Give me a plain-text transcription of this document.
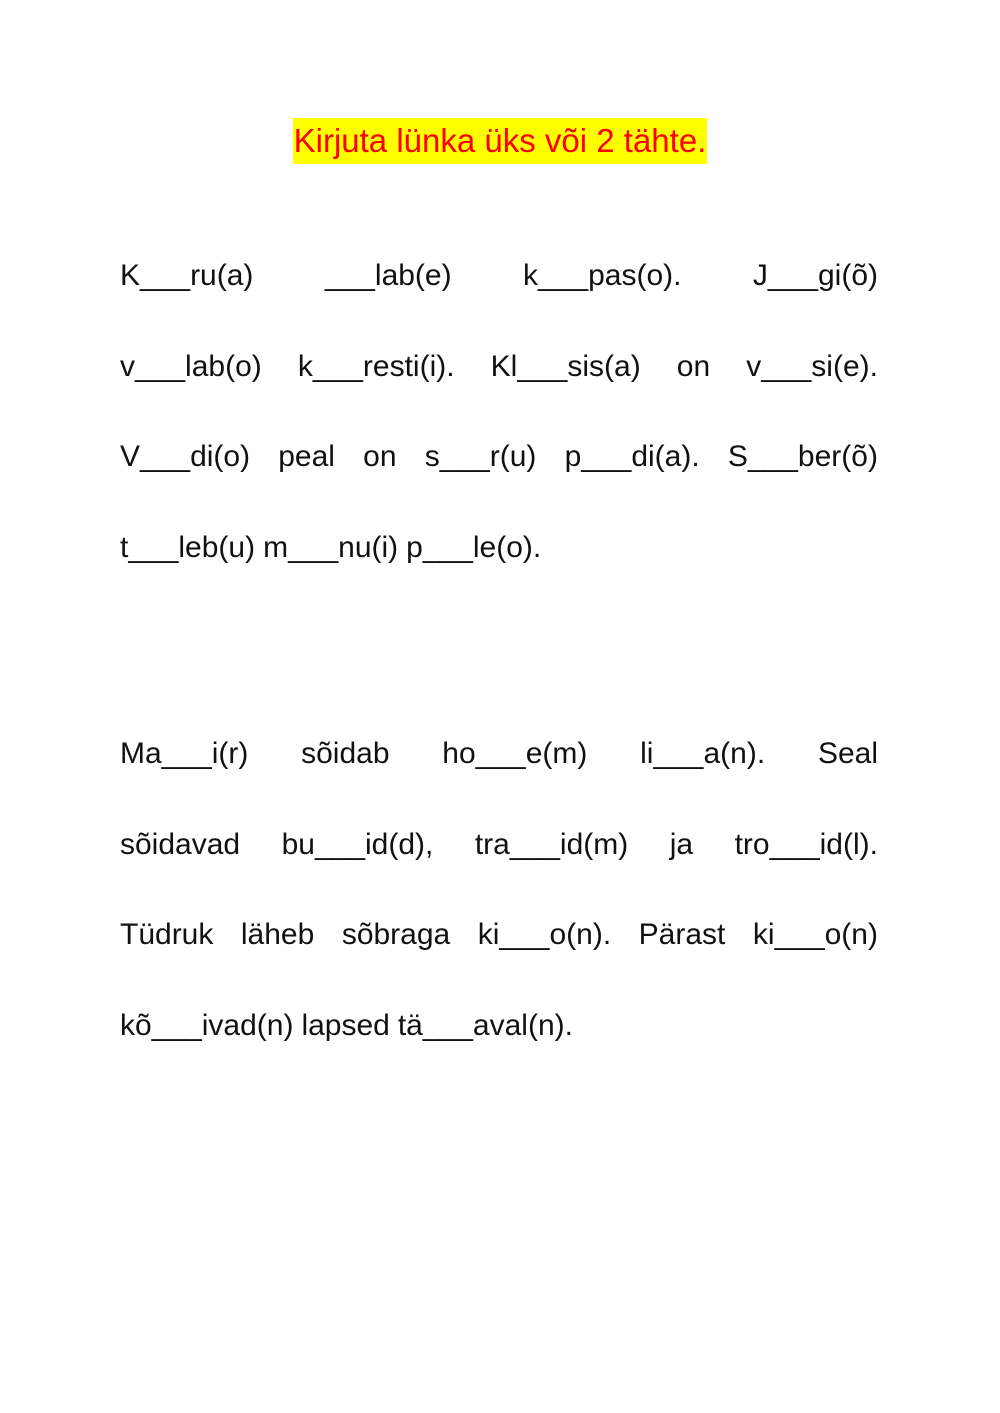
Kirjuta lünka üks või 2 tähte.
K___ru(a) ___lab(e) k___pas(o). J___gi(õ)
v___lab(o) k___resti(i). Kl___sis(a) on v___si(e).
V___di(o) peal on s___r(u) p___di(a). S___ber(õ)
t___leb(u) m___nu(i) p___le(o).
Ma___i(r) sõidab ho___e(m) li___a(n). Seal
sõidavad bu___id(d), tra___id(m) ja tro___id(l).
Tüdruk läheb sõbraga ki___o(n). Pärast ki___o(n)
kõ___ivad(n) lapsed tä___aval(n).
